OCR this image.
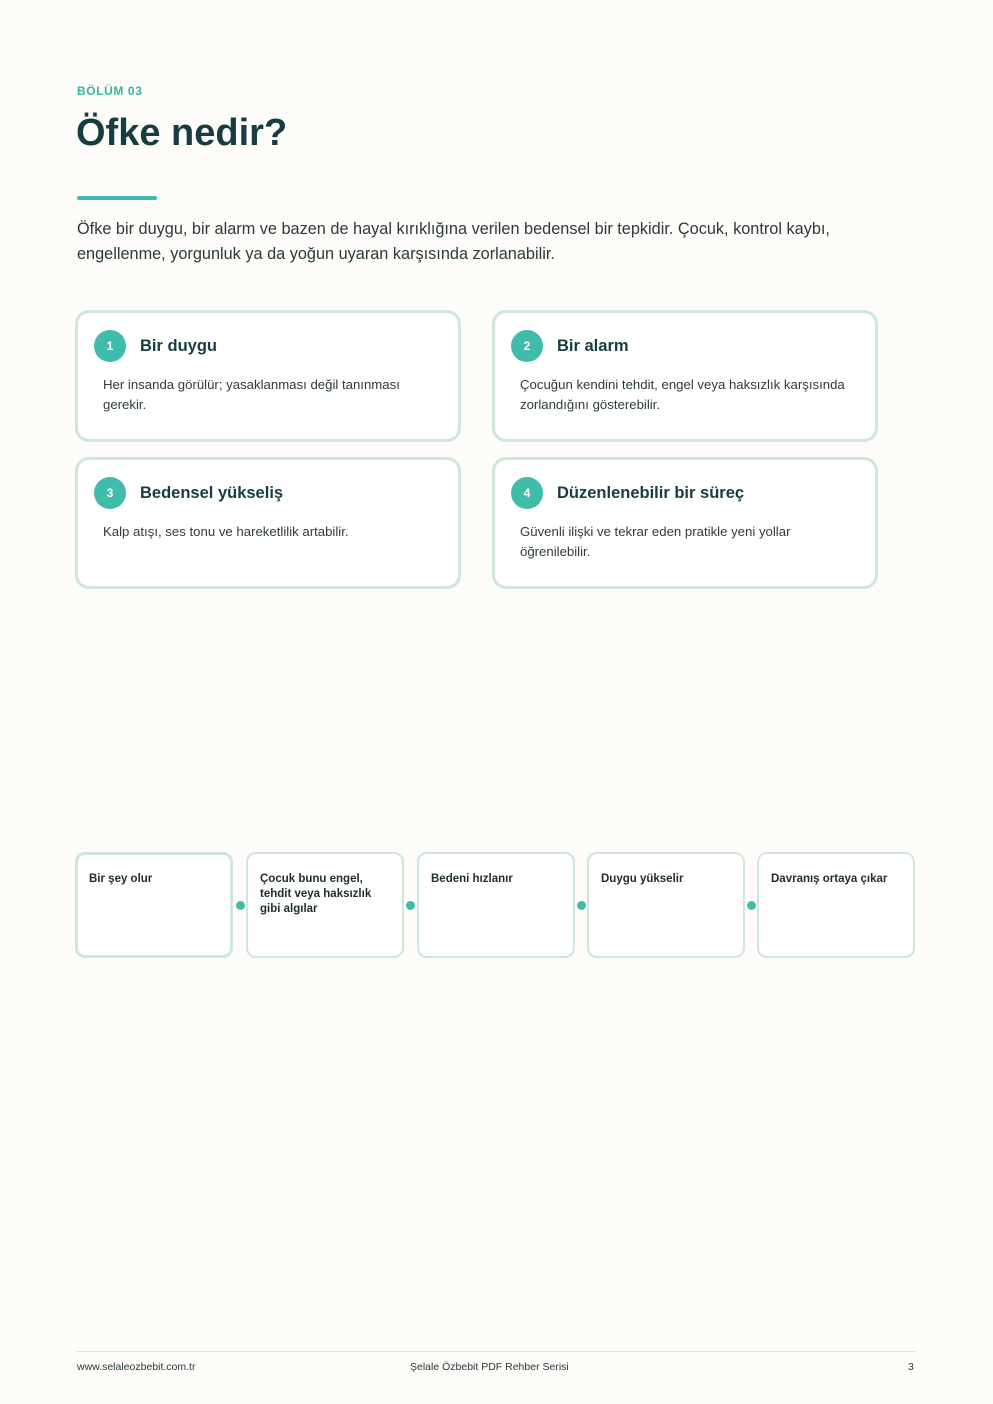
BÖLÜM 03
Öfke nedir?

Öfke bir duygu, bir alarm ve bazen de hayal kırıklığına verilen bedensel bir tepkidir. Çocuk, kontrol kaybı, engellenme, yorgunluk ya da yoğun uyaran karşısında zorlanabilir.

1	Bir duygu
Her insanda görülür; yasaklanması değil tanınması gerekir.
2	Bir alarm
Çocuğun kendini tehdit, engel veya haksızlık karşısında zorlandığını gösterebilir.
3	Bedensel yükseliş
Kalp atışı, ses tonu ve hareketlilik artabilir.
4	Düzenlenebilir bir süreç
Güvenli ilişki ve tekrar eden pratikle yeni yollar öğrenilebilir.
Bir şey olur	Çocuk bunu engel, tehdit veya haksızlık gibi algılar
Bedeni hızlanır	Duygu yükselir	Davranış ortaya çıkar
www.selaleozbebit.com.tr	Şelale Özbebit PDF Rehber Serisi	3
